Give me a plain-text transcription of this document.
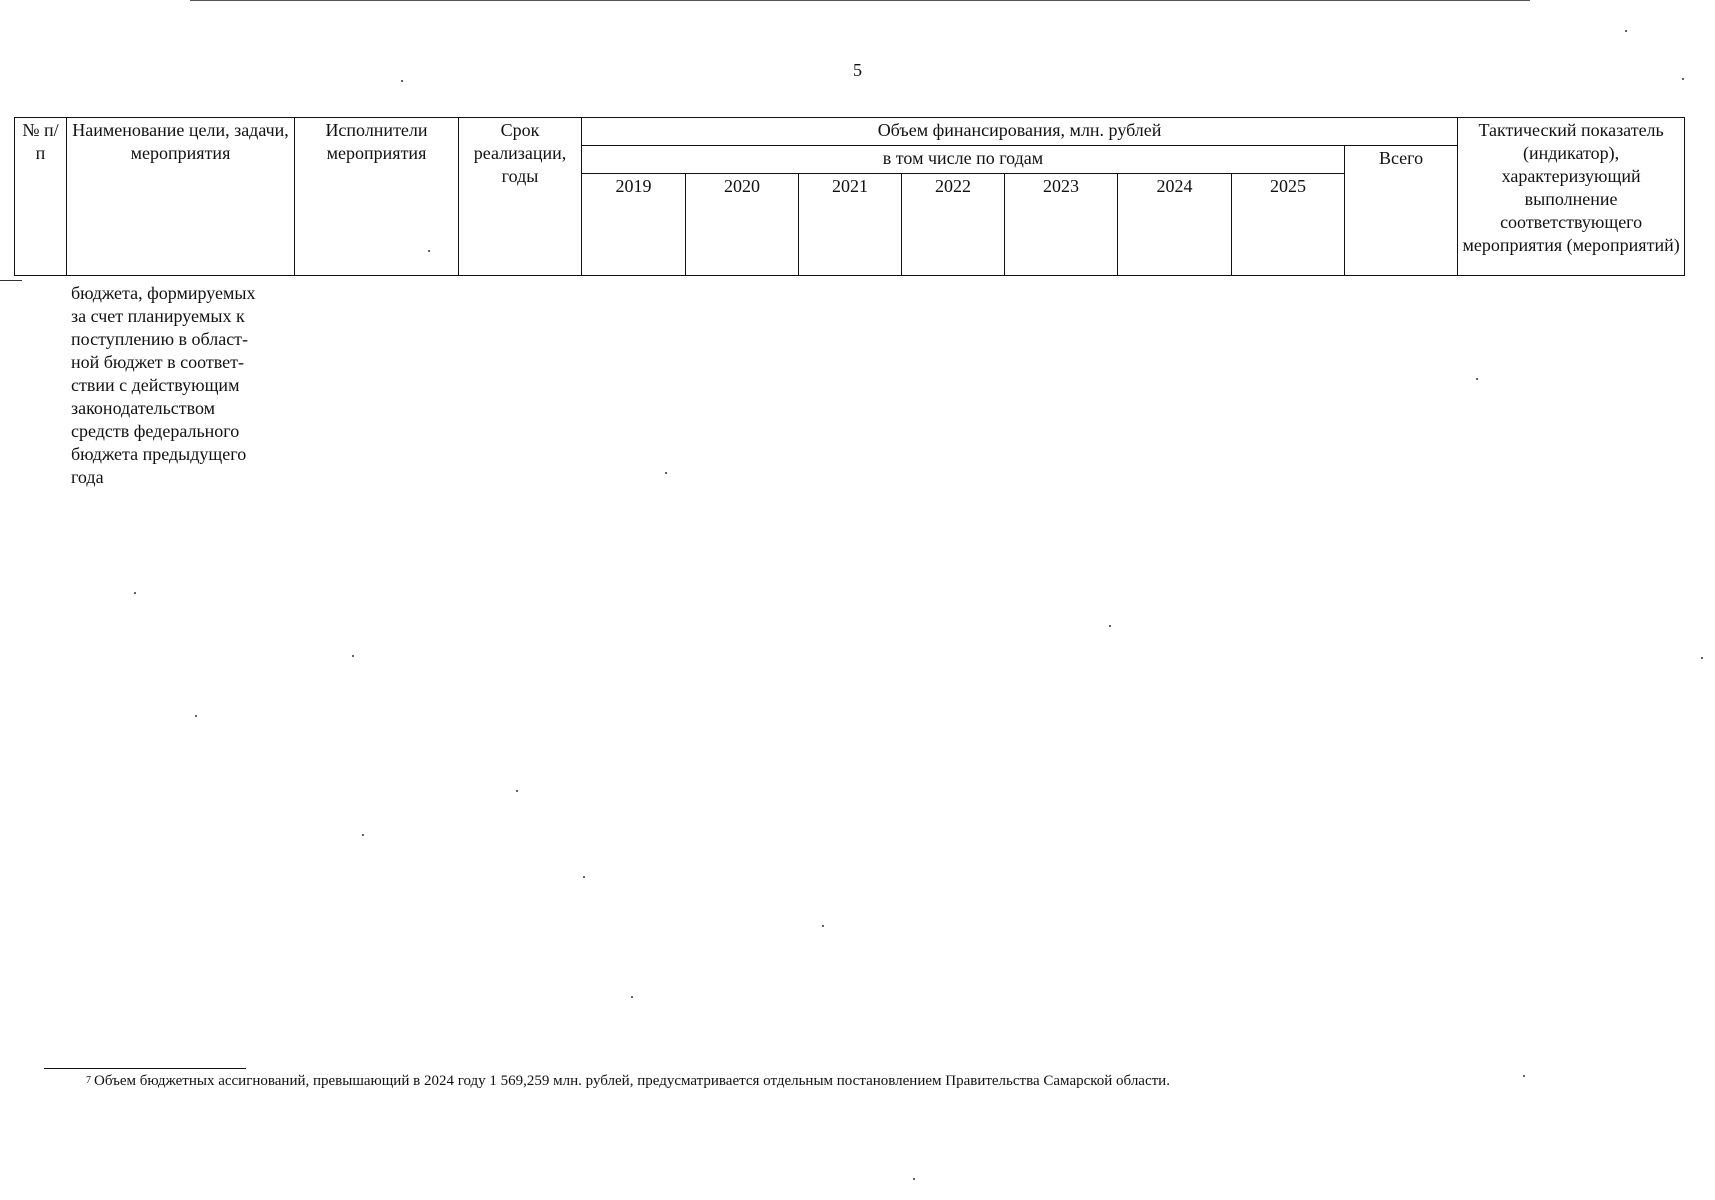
5
№ п/п	Наименование цели, задачи, мероприятия	Исполнители мероприятия	Срок реализации, годы	Объем финансирования, млн. рублей								Тактический показатель (индикатор), характеризующий выполнение соответствующего мероприятия (мероприятий)
				в том числе по годам							Всего	
				2019	2020	2021	2022	2023	2024	2025		
бюджета, формируемых
за счет планируемых к
поступлению в област-
ной бюджет в соответ-
ствии с действующим
законодательством
средств федерального
бюджета предыдущего
года
$^7$ Объем бюджетных ассигнований, превышающий в 2024 году 1 569,259 млн. рублей, предусматривается отдельным постановлением Правительства Самарской области.
